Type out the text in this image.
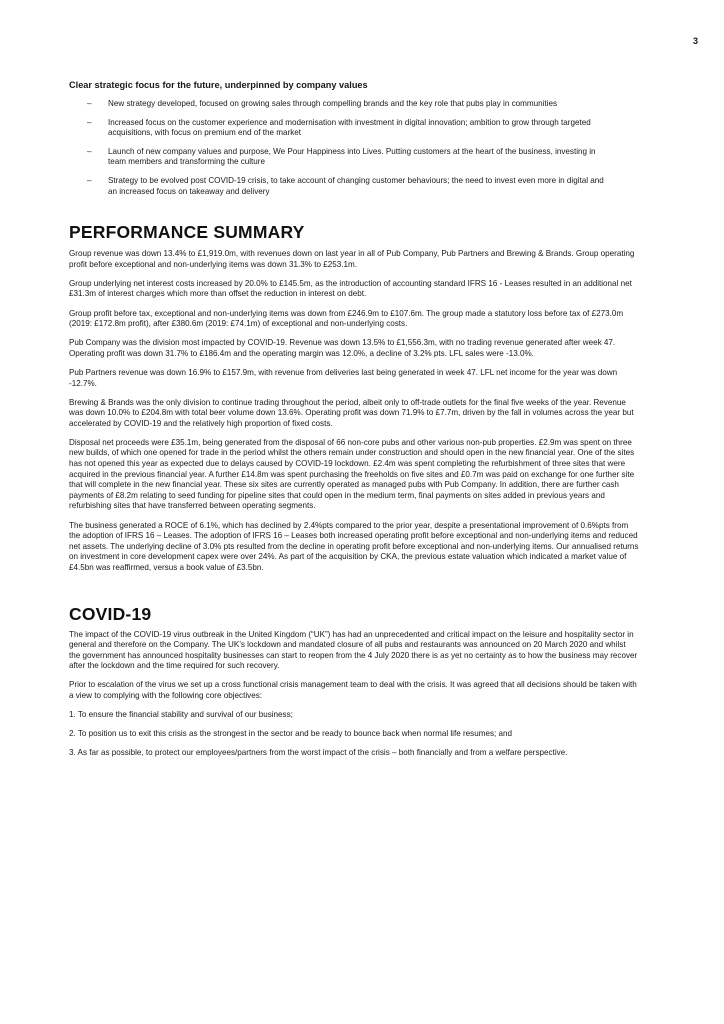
3

Clear strategic focus for the future, underpinned by company values

– New strategy developed, focused on growing sales through compelling brands and the key role that pubs play in communities
– Increased focus on the customer experience and modernisation with investment in digital innovation; ambition to grow through targeted acquisitions, with focus on premium end of the market
– Launch of new company values and purpose, We Pour Happiness into Lives. Putting customers at the heart of the business, investing in team members and transforming the culture
– Strategy to be evolved post COVID-19 crisis, to take account of changing customer behaviours; the need to invest even more in digital and an increased focus on takeaway and delivery
PERFORMANCE SUMMARY

Group revenue was down 13.4% to £1,919.0m, with revenues down on last year in all of Pub Company, Pub Partners and Brewing & Brands. Group operating profit before exceptional and non-underlying items was down 31.3% to £253.1m.

Group underlying net interest costs increased by 20.0% to £145.5m, as the introduction of accounting standard IFRS 16 - Leases resulted in an additional net £31.3m of interest charges which more than offset the reduction in interest on debt.

Group profit before tax, exceptional and non-underlying items was down from £246.9m to £107.6m. The group made a statutory loss before tax of £273.0m (2019: £172.8m profit), after £380.6m (2019: £74.1m) of exceptional and non-underlying costs.

Pub Company was the division most impacted by COVID-19. Revenue was down 13.5% to £1,556.3m, with no trading revenue generated after week 47. Operating profit was down 31.7% to £186.4m and the operating margin was 12.0%, a decline of 3.2% pts. LFL sales were -13.0%.

Pub Partners revenue was down 16.9% to £157.9m, with revenue from deliveries last being generated in week 47. LFL net income for the year was down -12.7%.

Brewing & Brands was the only division to continue trading throughout the period, albeit only to off-trade outlets for the final five weeks of the year. Revenue was down 10.0% to £204.8m with total beer volume down 13.6%. Operating profit was down 71.9% to £7.7m, driven by the fall in volumes across the year but accelerated by COVID-19 and the relatively high proportion of fixed costs.

Disposal net proceeds were £35.1m, being generated from the disposal of 66 non-core pubs and other various non-pub properties. £2.9m was spent on three new builds, of which one opened for trade in the period whilst the others remain under construction and should open in the new financial year. One of the sites has not opened this year as expected due to delays caused by COVID-19 lockdown. £2.4m was spent completing the refurbishment of three sites that were acquired in the previous financial year. A further £14.8m was spent purchasing the freeholds on five sites and £0.7m was paid on exchange for one further site that will complete in the new financial year. These six sites are currently operated as managed pubs with Pub Company. In addition, there are further cash payments of £8.2m relating to seed funding for pipeline sites that could open in the medium term, final payments on sites added in previous years and refurbishing sites that have transferred between operating segments.

The business generated a ROCE of 6.1%, which has declined by 2.4%pts compared to the prior year, despite a presentational improvement of 0.6%pts from the adoption of IFRS 16 – Leases. The adoption of IFRS 16 – Leases both increased operating profit before exceptional and non-underlying items and reduced net assets. The underlying decline of 3.0% pts resulted from the decline in operating profit before exceptional and non-underlying items. Our annualised returns on investment in core development capex were over 24%. As part of the acquisition by CKA, the previous estate valuation which indicated a market value of £4.5bn was reaffirmed, versus a book value of £3.5bn.

COVID-19

The impact of the COVID-19 virus outbreak in the United Kingdom (“UK”) has had an unprecedented and critical impact on the leisure and hospitality sector in general and therefore on the Company. The UK’s lockdown and mandated closure of all pubs and restaurants was announced on 20 March 2020 and whilst the government has announced hospitality businesses can start to reopen from the 4 July 2020 there is as yet no certainty as to how the business may recover after the lockdown and the time required for such recovery.

Prior to escalation of the virus we set up a cross functional crisis management team to deal with the crisis. It was agreed that all decisions should be taken with a view to complying with the following core objectives:

1. To ensure the financial stability and survival of our business;

2. To position us to exit this crisis as the strongest in the sector and be ready to bounce back when normal life resumes; and

3. As far as possible, to protect our employees/partners from the worst impact of the crisis – both financially and from a welfare perspective.
